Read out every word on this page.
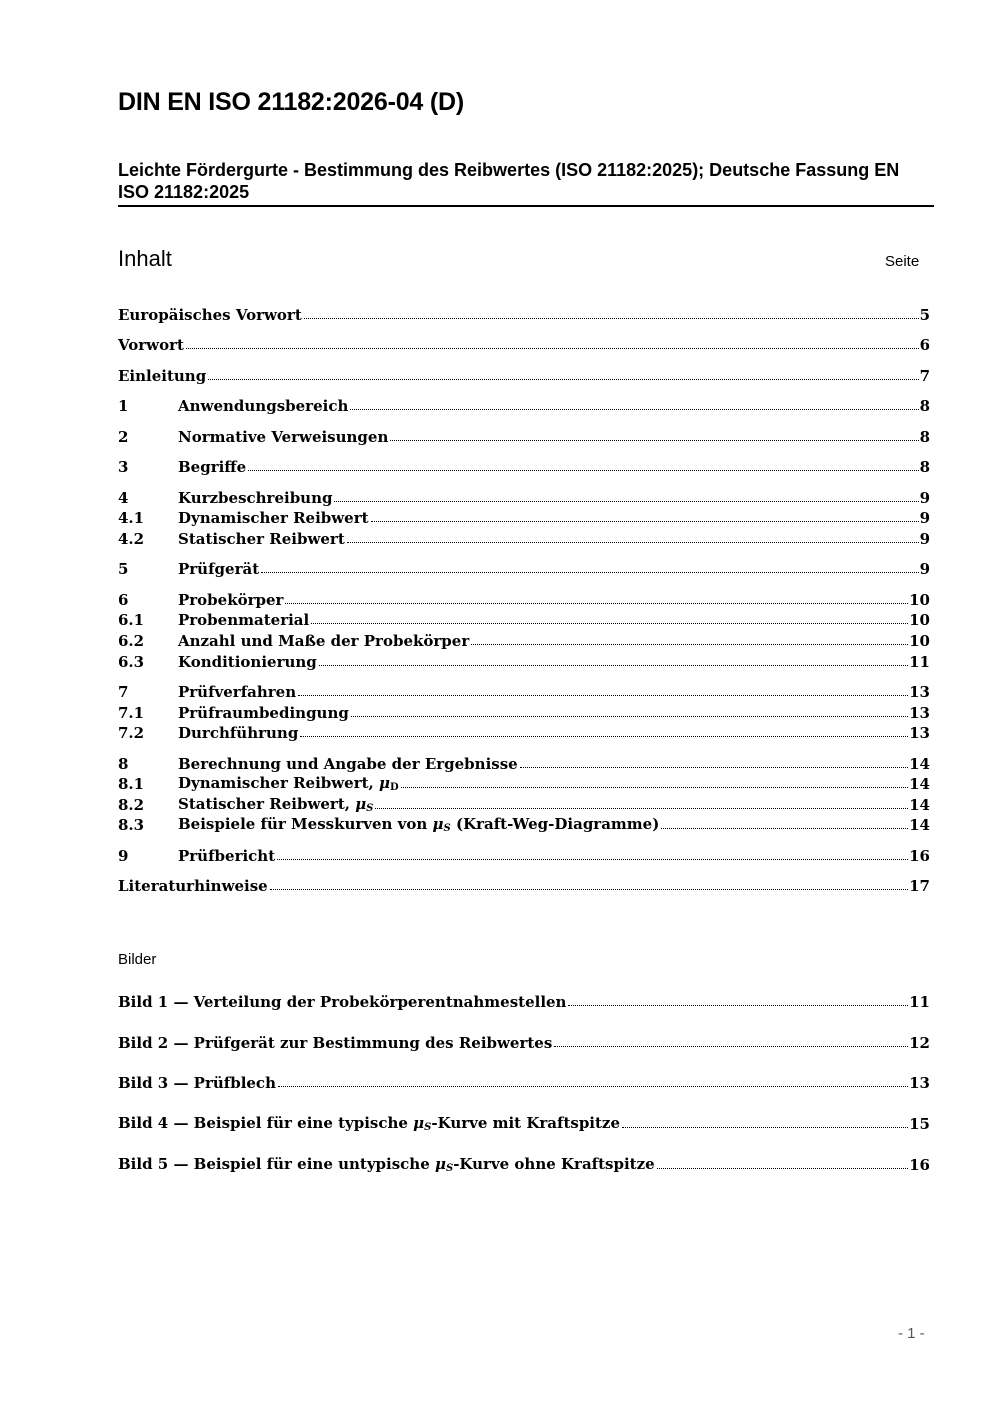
DIN EN ISO 21182:2026-04 (D)
Leichte Fördergurte - Bestimmung des Reibwertes (ISO 21182:2025); Deutsche Fassung EN ISO 21182:2025
Inhalt	Seite
Europäisches Vorwort	5
Vorwort	6
Einleitung	7
1	Anwendungsbereich	8
2	Normative Verweisungen	8
3	Begriffe	8
4	Kurzbeschreibung	9
4.1	Dynamischer Reibwert	9
4.2	Statischer Reibwert	9
5	Prüfgerät	9
6	Probekörper	10
6.1	Probenmaterial	10
6.2	Anzahl und Maße der Probekörper	10
6.3	Konditionierung	11
7	Prüfverfahren	13
7.1	Prüfraumbedingung	13
7.2	Durchführung	13
8	Berechnung und Angabe der Ergebnisse	14
8.1	Dynamischer Reibwert, $\mu_D$	14
8.2	Statischer Reibwert, $\mu_S$	14
8.3	Beispiele für Messkurven von $\mu_S$ (Kraft-Weg-Diagramme)	14
9	Prüfbericht	16
Literaturhinweise	17
Bilder
Bild 1 — Verteilung der Probekörperentnahmestellen	11
Bild 2 — Prüfgerät zur Bestimmung des Reibwertes	12
Bild 3 — Prüfblech	13
Bild 4 — Beispiel für eine typische $\mu_S$-Kurve mit Kraftspitze	15
Bild 5 — Beispiel für eine untypische $\mu_S$-Kurve ohne Kraftspitze	16
- 1 -
